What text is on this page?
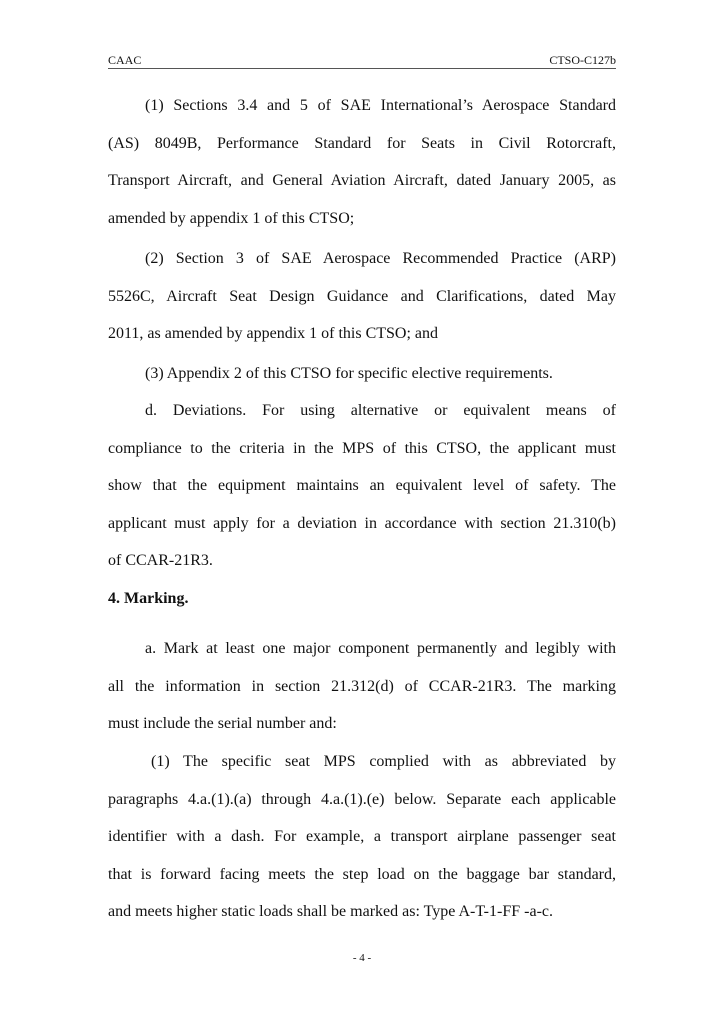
CAAC	CTSO-C127b
(1) Sections 3.4 and 5 of SAE International’s Aerospace Standard
(AS) 8049B, Performance Standard for Seats in Civil Rotorcraft,
Transport Aircraft, and General Aviation Aircraft, dated January 2005, as
amended by appendix 1 of this CTSO;
(2) Section 3 of SAE Aerospace Recommended Practice (ARP)
5526C, Aircraft Seat Design Guidance and Clarifications, dated May
2011, as amended by appendix 1 of this CTSO; and
(3) Appendix 2 of this CTSO for specific elective requirements.
d. Deviations. For using alternative or equivalent means of
compliance to the criteria in the MPS of this CTSO, the applicant must
show that the equipment maintains an equivalent level of safety. The
applicant must apply for a deviation in accordance with section 21.310(b)
of CCAR-21R3.
4. Marking.
a. Mark at least one major component permanently and legibly with
all the information in section 21.312(d) of CCAR-21R3. The marking
must include the serial number and:
(1) The specific seat MPS complied with as abbreviated by
paragraphs 4.a.(1).(a) through 4.a.(1).(e) below. Separate each applicable
identifier with a dash. For example, a transport airplane passenger seat
that is forward facing meets the step load on the baggage bar standard,
and meets higher static loads shall be marked as: Type A-T-1-FF -a-c.
- 4 -
